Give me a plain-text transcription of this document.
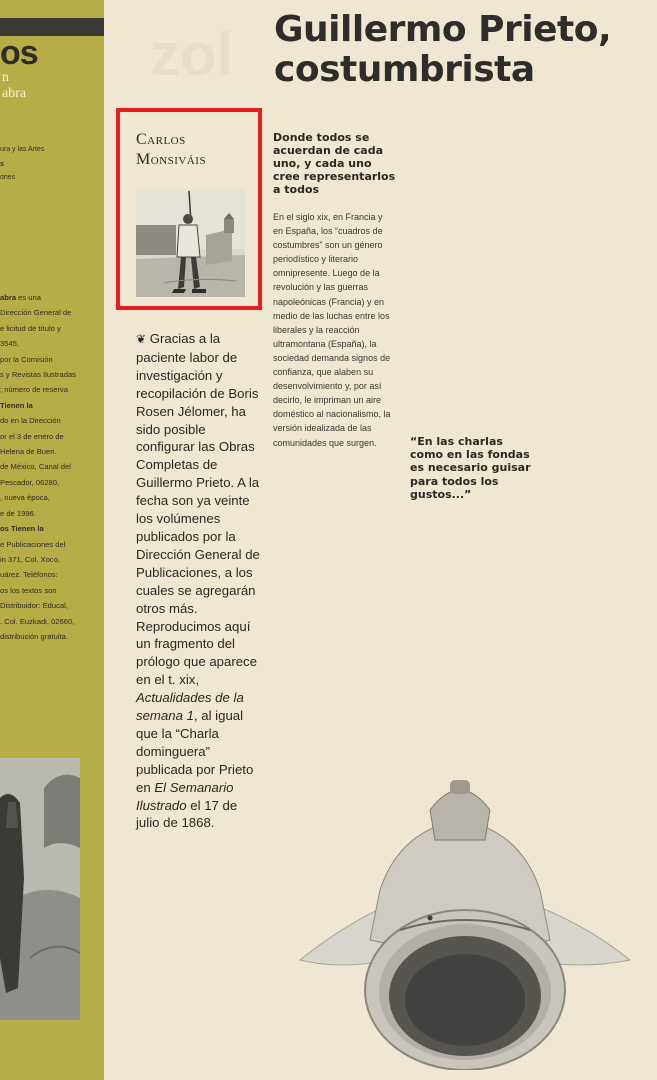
os
n
abra
ura y las Artes
s
ones
abra es una
Dirección General de
e licitud de título y
3545,
por la Comisión
s y Revistas Ilustradas
; número de reserva
Tienen la
do en la Dirección
or el 3 de enero de
Helena de Buen.
de México, Canal del
Pescador, 06280,
, nueva época,
e de 1996.
os Tienen la
e Publicaciones del
in 371, Col. Xoco,
uárez. Teléfonos:
os los textos son
Distribuidor: Educal,
. Col. Euzkadi, 02660,
distribución gratuita.
zol Guillermo Prieto, costumbrista
Carlos Monsiváis
❦ Gracias a la paciente labor de investigación y recopilación de Boris Rosen Jélomer, ha sido posible configurar las Obras Completas de Guillermo Prieto. A la fecha son ya veinte los volúmenes publicados por la Dirección General de Publicaciones, a los cuales se agregarán otros más. Reproducimos aquí un fragmento del prólogo que aparece en el t. xix, Actualidades de la semana 1, al igual que la “Charla dominguera” publicada por Prieto en El Semanario Ilustrado el 17 de julio de 1868.
Donde todos se acuerdan de cada uno, y cada uno cree representarlos a todos
En el siglo xix, en Francia y en España, los “cuadros de costumbres” son un género periodístico y literario omnipresente. Luego de la revolución y las guerras napoleónicas (Francia) y en medio de las luchas entre los liberales y la reacción ultramontana (España), la sociedad demanda signos de confianza, que alaben su desenvolvimiento y, por así decirlo, le impriman un aire doméstico al nacionalismo, la versión idealizada de las comunidades que surgen.	“En las charlas como en las fondas es necesario guisar para todos los gustos...”
